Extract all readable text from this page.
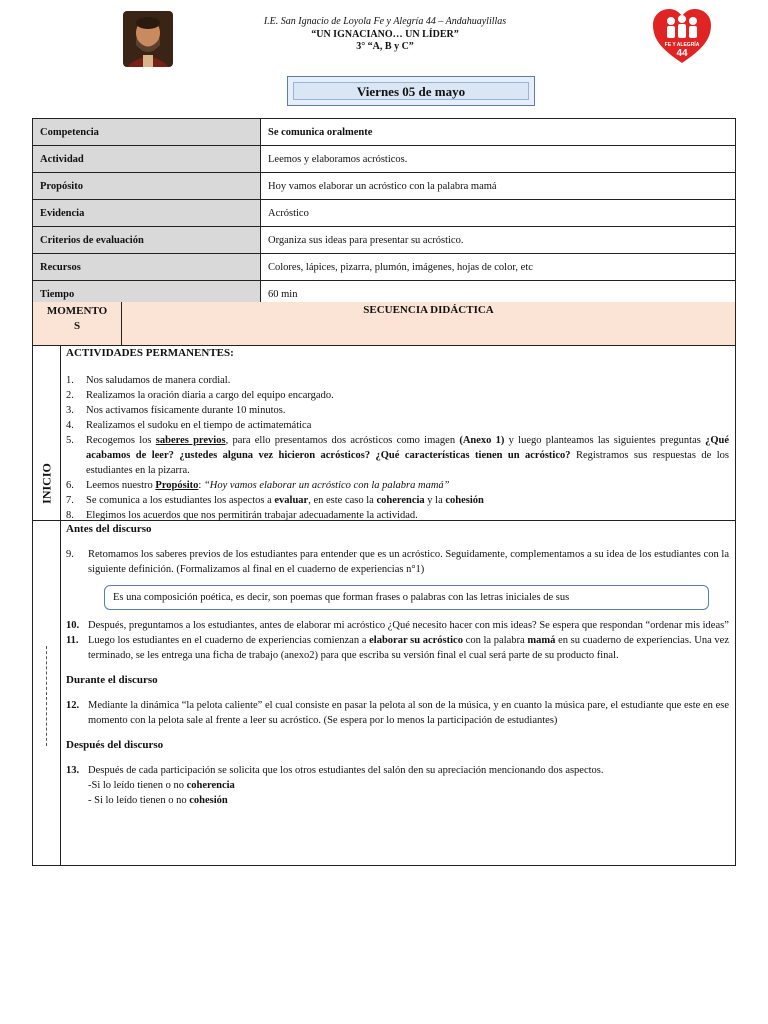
I.E. San Ignacio de Loyola Fe y Alegría 44 – Andahuaylillas
“UN IGNACIANO… UN LÍDER”
3° “A, B y C”	FE Y ALEGRÍA
44
Viernes 05 de mayo
Competencia	Se comunica oralmente
Actividad	Leemos y elaboramos acrósticos.
Propósito	Hoy vamos elaborar un acróstico con la palabra mamá
Evidencia	Acróstico
Criterios de evaluación	Organiza sus ideas para presentar su acróstico.
Recursos	Colores, lápices, pizarra, plumón, imágenes, hojas de color, etc
Tiempo	60 min
MOMENTO
S
SECUENCIA DIDÁCTICA
INICIO
ACTIVIDADES PERMANENTES:
1. Nos saludamos de manera cordial.
2. Realizamos la oración diaria a cargo del equipo encargado.
3. Nos activamos físicamente durante 10 minutos.
4. Realizamos el sudoku en el tiempo de actimatemática
5. Recogemos los saberes previos, para ello presentamos dos acrósticos como imagen (Anexo 1) y luego planteamos las siguientes preguntas ¿Qué acabamos de leer? ¿ustedes alguna vez hicieron acrósticos? ¿Qué características tienen un acróstico? Registramos sus respuestas de los estudiantes en la pizarra.
6. Leemos nuestro Propósito: “Hoy vamos elaborar un acróstico con la palabra mamá”
7. Se comunica a los estudiantes los aspectos a evaluar, en este caso la coherencia y la cohesión
8. Elegimos los acuerdos que nos permitirán trabajar adecuadamente la actividad.
Antes del discurso
9. Retomamos los saberes previos de los estudiantes para entender que es un acróstico. Seguidamente, complementamos a su idea de los estudiantes con la siguiente definición. (Formalizamos al final en el cuaderno de experiencias n°1)
Es una composición poética, es decir, son poemas que forman frases o palabras con las letras iniciales de sus
10. Después, preguntamos a los estudiantes, antes de elaborar mi acróstico ¿Qué necesito hacer con mis ideas? Se espera que respondan “ordenar mis ideas”
11. Luego los estudiantes en el cuaderno de experiencias comienzan a elaborar su acróstico con la palabra mamá en su cuaderno de experiencias. Una vez terminado, se les entrega una ficha de trabajo (anexo2) para que escriba su versión final el cual será parte de su producto final.
Durante el discurso
12. Mediante la dinámica “la pelota caliente” el cual consiste en pasar la pelota al son de la música, y en cuanto la música pare, el estudiante que este en ese momento con la pelota sale al frente a leer su acróstico. (Se espera por lo menos la participación de estudiantes)
Después del discurso
13. Después de cada participación se solicita que los otros estudiantes del salón den su apreciación mencionando dos aspectos.
-Si lo leído tienen o no coherencia
- Si lo leído tienen o no cohesión
